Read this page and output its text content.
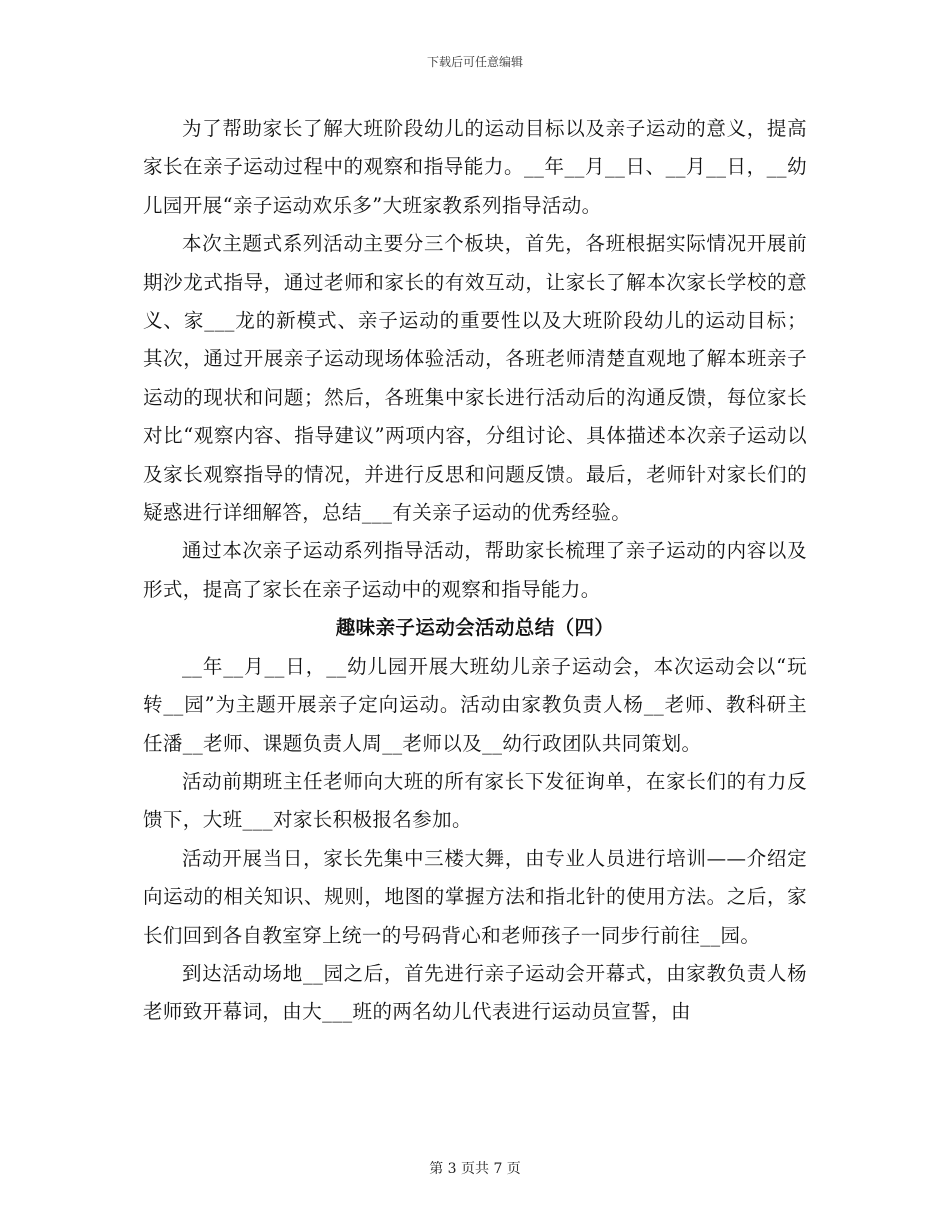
下载后可任意编辑

为了帮助家长了解大班阶段幼儿的运动目标以及亲子运动的意义，提高家长在亲子运动过程中的观察和指导能力。__年__月__日、__月__日，__幼儿园开展“亲子运动欢乐多”大班家教系列指导活动。

本次主题式系列活动主要分三个板块，首先，各班根据实际情况开展前期沙龙式指导，通过老师和家长的有效互动，让家长了解本次家长学校的意义、家___龙的新模式、亲子运动的重要性以及大班阶段幼儿的运动目标；其次，通过开展亲子运动现场体验活动，各班老师清楚直观地了解本班亲子运动的现状和问题；然后，各班集中家长进行活动后的沟通反馈，每位家长对比“观察内容、指导建议”两项内容，分组讨论、具体描述本次亲子运动以及家长观察指导的情况，并进行反思和问题反馈。最后，老师针对家长们的疑惑进行详细解答，总结___有关亲子运动的优秀经验。

通过本次亲子运动系列指导活动，帮助家长梳理了亲子运动的内容以及形式，提高了家长在亲子运动中的观察和指导能力。

趣味亲子运动会活动总结（四）

__年__月__日，__幼儿园开展大班幼儿亲子运动会，本次运动会以“玩转__园”为主题开展亲子定向运动。活动由家教负责人杨__老师、教科研主任潘__老师、课题负责人周__老师以及__幼行政团队共同策划。

活动前期班主任老师向大班的所有家长下发征询单，在家长们的有力反馈下，大班___对家长积极报名参加。

活动开展当日，家长先集中三楼大舞，由专业人员进行培训——介绍定向运动的相关知识、规则，地图的掌握方法和指北针的使用方法。之后，家长们回到各自教室穿上统一的号码背心和老师孩子一同步行前往__园。

到达活动场地__园之后，首先进行亲子运动会开幕式，由家教负责人杨老师致开幕词，由大___班的两名幼儿代表进行运动员宣誓，由

第 3 页共 7 页
